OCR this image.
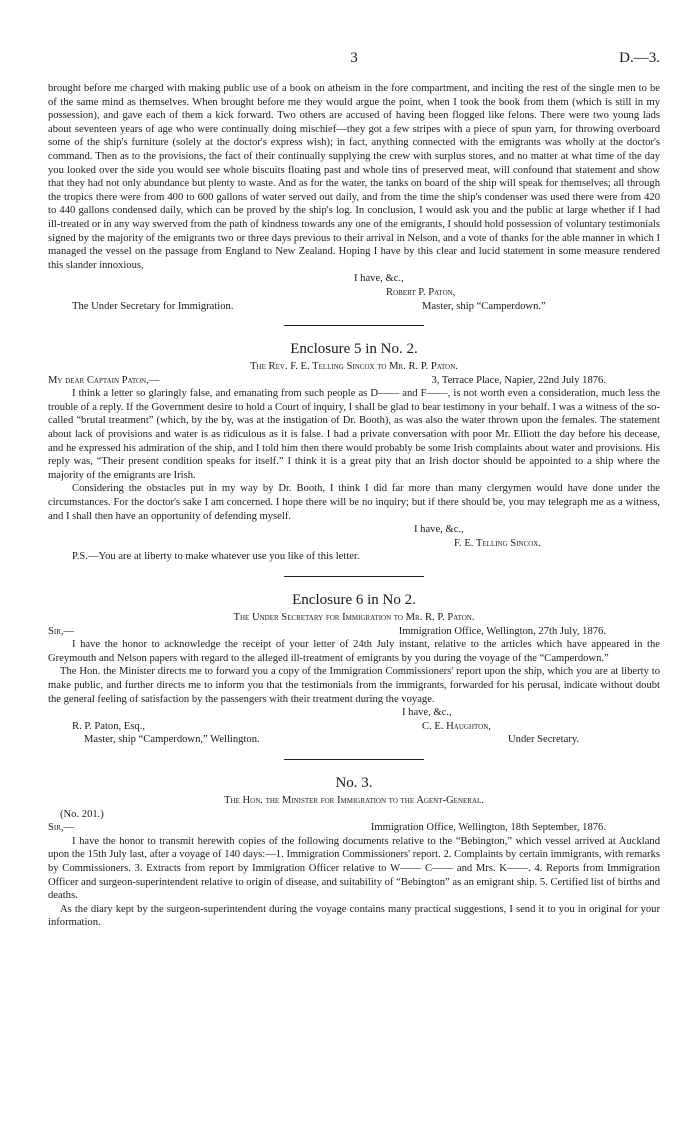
3	D.—3.

brought before me charged with making public use of a book on atheism in the fore compartment, and inciting the rest of the single men to be of the same mind as themselves. When brought before me they would argue the point, when I took the book from them (which is still in my possession), and gave each of them a kick forward. Two others are accused of having been flogged like felons. There were two young lads about seventeen years of age who were continually doing mischief—they got a few stripes with a piece of spun yarn, for throwing overboard some of the ship's furniture (solely at the doctor's express wish); in fact, anything connected with the emigrants was wholly at the doctor's command. Then as to the provisions, the fact of their continually supplying the crew with surplus stores, and no matter at what time of the day you looked over the side you would see whole biscuits floating past and whole tins of preserved meat, will confound that statement and show that they had not only abundance but plenty to waste. And as for the water, the tanks on board of the ship will speak for themselves; all through the tropics there were from 400 to 600 gallons of water served out daily, and from the time the ship's condenser was used there were from 420 to 440 gallons condensed daily, which can be proved by the ship's log. In conclusion, I would ask you and the public at large whether if I had ill-treated or in any way swerved from the path of kindness towards any one of the emigrants, I should hold possession of voluntary testimonials signed by the majority of the emigrants two or three days previous to their arrival in Nelson, and a vote of thanks for the able manner in which I managed the vessel on the passage from England to New Zealand. Hoping I have by this clear and lucid statement in some measure rendered this slander innoxious,

I have, &c.,
Robert P. Paton,
The Under Secretary for Immigration.	Master, ship “Camperdown.”
Enclosure 5 in No. 2.
The Rev. F. E. Telling Sincox to Mr. R. P. Paton.
My dear Captain Paton,—	3, Terrace Place, Napier, 22nd July 1876.

I think a letter so glaringly false, and emanating from such people as D—— and F——, is not worth even a consideration, much less the trouble of a reply. If the Government desire to hold a Court of inquiry, I shall be glad to bear testimony in your behalf. I was a witness of the so-called “brutal treatment” (which, by the by, was at the instigation of Dr. Booth), as was also the water thrown upon the females. The statement about lack of provisions and water is as ridiculous as it is false. I had a private conversation with poor Mr. Elliott the day before his decease, and he expressed his admiration of the ship, and I told him then there would probably be some Irish complaints about water and provisions. His reply was, “Their present condition speaks for itself.” I think it is a great pity that an Irish doctor should be appointed to a ship where the majority of the emigrants are Irish.

Considering the obstacles put in my way by Dr. Booth, I think I did far more than many clergymen would have done under the circumstances. For the doctor's sake I am concerned. I hope there will be no inquiry; but if there should be, you may telegraph me as a witness, and I shall then have an opportunity of defending myself.

I have, &c.,
F. E. Telling Sincox.

P.S.—You are at liberty to make whatever use you like of this letter.

Enclosure 6 in No 2.
The Under Secretary for Immigration to Mr. R. P. Paton.
Sir,—	Immigration Office, Wellington, 27th July, 1876.

I have the honor to acknowledge the receipt of your letter of 24th July instant, relative to the articles which have appeared in the Greymouth and Nelson papers with regard to the alleged ill-treatment of emigrants by you during the voyage of the “Camperdown.”

The Hon. the Minister directs me to forward you a copy of the Immigration Commissioners' report upon the ship, which you are at liberty to make public, and further directs me to inform you that the testimonials from the immigrants, forwarded for his perusal, indicate without doubt the general feeling of satisfaction by the passengers with their treatment during the voyage.

I have, &c.,
R. P. Paton, Esq.,	C. E. Haughton,
Master, ship “Camperdown,” Wellington.	Under Secretary.
No. 3.
The Hon. the Minister for Immigration to the Agent-General.
(No. 201.)
Sir,—	Immigration Office, Wellington, 18th September, 1876.

I have the honor to transmit herewith copies of the following documents relative to the “Bebington,” which vessel arrived at Auckland upon the 15th July last, after a voyage of 140 days:—1. Immigration Commissioners' report. 2. Complaints by certain immigrants, with remarks by Commissioners. 3. Extracts from report by Immigration Officer relative to W—— C—— and Mrs. K——. 4. Reports from Immigration Officer and surgeon-superintendent relative to origin of disease, and suitability of “Bebington” as an emigrant ship. 5. Certified list of births and deaths.

As the diary kept by the surgeon-superintendent during the voyage contains many practical suggestions, I send it to you in original for your information.
